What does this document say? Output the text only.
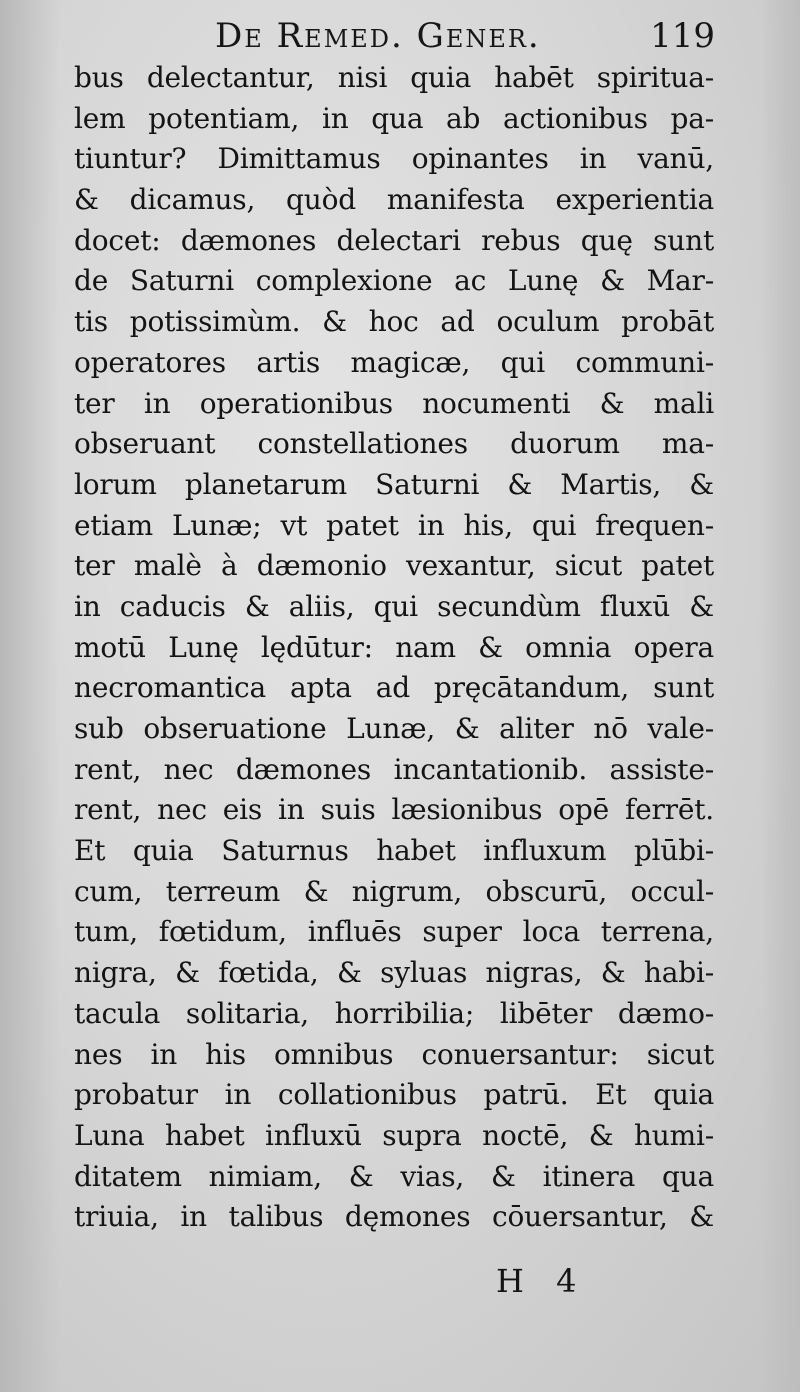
De Remed. Gener.	119
bus delectantur, nisi quia habēt spiritua-
lem potentiam, in qua ab actionibus pa-
tiuntur? Dimittamus opinantes in vanū,
& dicamus, quòd manifesta experientia
docet: dæmones delectari rebus quę sunt
de Saturni complexione ac Lunę & Mar-
tis potissimùm. & hoc ad oculum probāt
operatores artis magicæ, qui communi-
ter in operationibus nocumenti & mali
obseruant constellationes duorum ma-
lorum planetarum Saturni & Martis, &
etiam Lunæ; vt patet in his, qui frequen-
ter malè à dæmonio vexantur, sicut patet
in caducis & aliis, qui secundùm fluxū &
motū Lunę lędūtur: nam & omnia opera
necromantica apta ad pręcātandum, sunt
sub obseruatione Lunæ, & aliter nō vale-
rent, nec dæmones incantationib. assiste-
rent, nec eis in suis læsionibus opē ferrēt.
Et quia Saturnus habet influxum plūbi-
cum, terreum & nigrum, obscurū, occul-
tum, fœtidum, influēs super loca terrena,
nigra, & fœtida, & syluas nigras, & habi-
tacula solitaria, horribilia; libēter dæmo-
nes in his omnibus conuersantur: sicut
probatur in collationibus patrū. Et quia
Luna habet influxū supra noctē, & humi-
ditatem nimiam, & vias, & itinera qua
triuia, in talibus dęmones cōuersantur, &
H 4
